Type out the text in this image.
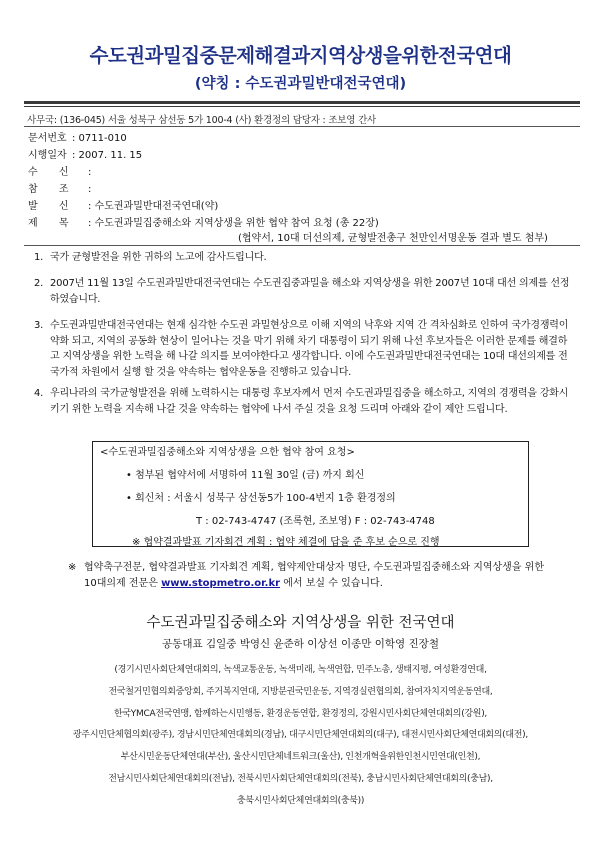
수도권과밀집중문제해결과지역상생을위한전국연대
(약칭 : 수도권과밀반대전국연대)
사무국: (136-045) 서울 성북구 삼선동 5가 100-4 (사) 환경정의 담당자 : 조보영 간사
문서번호 : 0711-010
시행일자 : 2007. 11. 15
수 신 :
참 조 :
발 신 : 수도권과밀반대전국연대(약)
제 목 : 수도권과밀집중해소와 지역상생을 위한 협약 참여 요청 (총 22장)
(협약서, 10대 더선의제, 균형발전총구 천만인서명운동 결과 별도 첨부)
1. 국가 균형발전을 위한 귀하의 노고에 감사드립니다.
2. 2007년 11월 13일 수도권과밀반대전국연대는 수도권집중과밀을 해소와 지역상생을 위한 2007년 10대 대선 의제를 선정하였습니다.
3. 수도권과밀반대전국연대는 현재 심각한 수도권 과밀현상으로 이해 지역의 낙후와 지역 간 격차심화로 인하여 국가경쟁력이 약화 되고, 지역의 공동화 현상이 일어나는 것을 막기 위해 차기 대통령이 되기 위해 나선 후보자들은 이러한 문제를 해결하고 지역상생을 위한 노력을 해 나갈 의지를 보여야한다고 생각합니다. 이에 수도권과밀반대전국연대는 10대 대선의제를 전 국가적 차원에서 실행 할 것을 약속하는 협약운동을 진행하고 있습니다.
4. 우리나라의 국가균형발전을 위해 노력하시는 대통령 후보자께서 먼저 수도권과밀집중을 해소하고, 지역의 경쟁력을 강화시키기 위한 노력을 지속해 나갈 것을 약속하는 협약에 나서 주실 것을 요청 드리며 아래와 같이 제안 드립니다.
<수도권과밀집중해소와 지역상생을 으한 협약 참여 요청>
• 첨부된 협약서에 서명하여 11월 30일 (금) 까지 회신
• 회신처 : 서울시 성북구 삼선동5가 100-4번지 1층 환경정의
T : 02-743-4747 (조록현, 조보영) F : 02-743-4748
※ 협약결과발표 기자회견 계획 : 협약 체결에 답을 준 후보 순으로 진행
※ 협약축구전문, 협약결과발표 기자회견 계획, 협약제안대상자 명단, 수도권과밀집중해소와 지역상생을 위한 10대의제 전문은 www.stopmetro.or.kr 에서 보실 수 있습니다.
수도권과밀집중해소와 지역상생을 위한 전국연대
공동대표 김일중 박영신 윤준하 이상선 이종만 이학영 진장철
(경기시민사회단체연대회의, 녹색교통운동, 녹색미래, 녹색연합, 민주노총, 생태지평, 여성환경연대,
전국철거민협의회중앙회, 주거복지연대, 지방분권국민운동, 지역경실련협의회, 참여자치지역운동연대,
한국YMCA전국연맹, 함께하는시민행동, 환경운동연합, 환경정의, 강원시민사회단체연대회의(강원),
광주시민단체협의회(광주), 경남시민단체연대회의(경남), 대구시민단체연대회의(대구), 대전시민사회단체연대회의(대전),
부산시민운동단체연대(부산), 울산시민단체네트워크(울산), 인천개혁을위한인천시민연대(인천),
전남시민사회단체연대회의(전남), 전북시민사회단체연대회의(전북), 충남시민사회단체연대회의(충남),
충북시민사회단체연대회의(충북))
